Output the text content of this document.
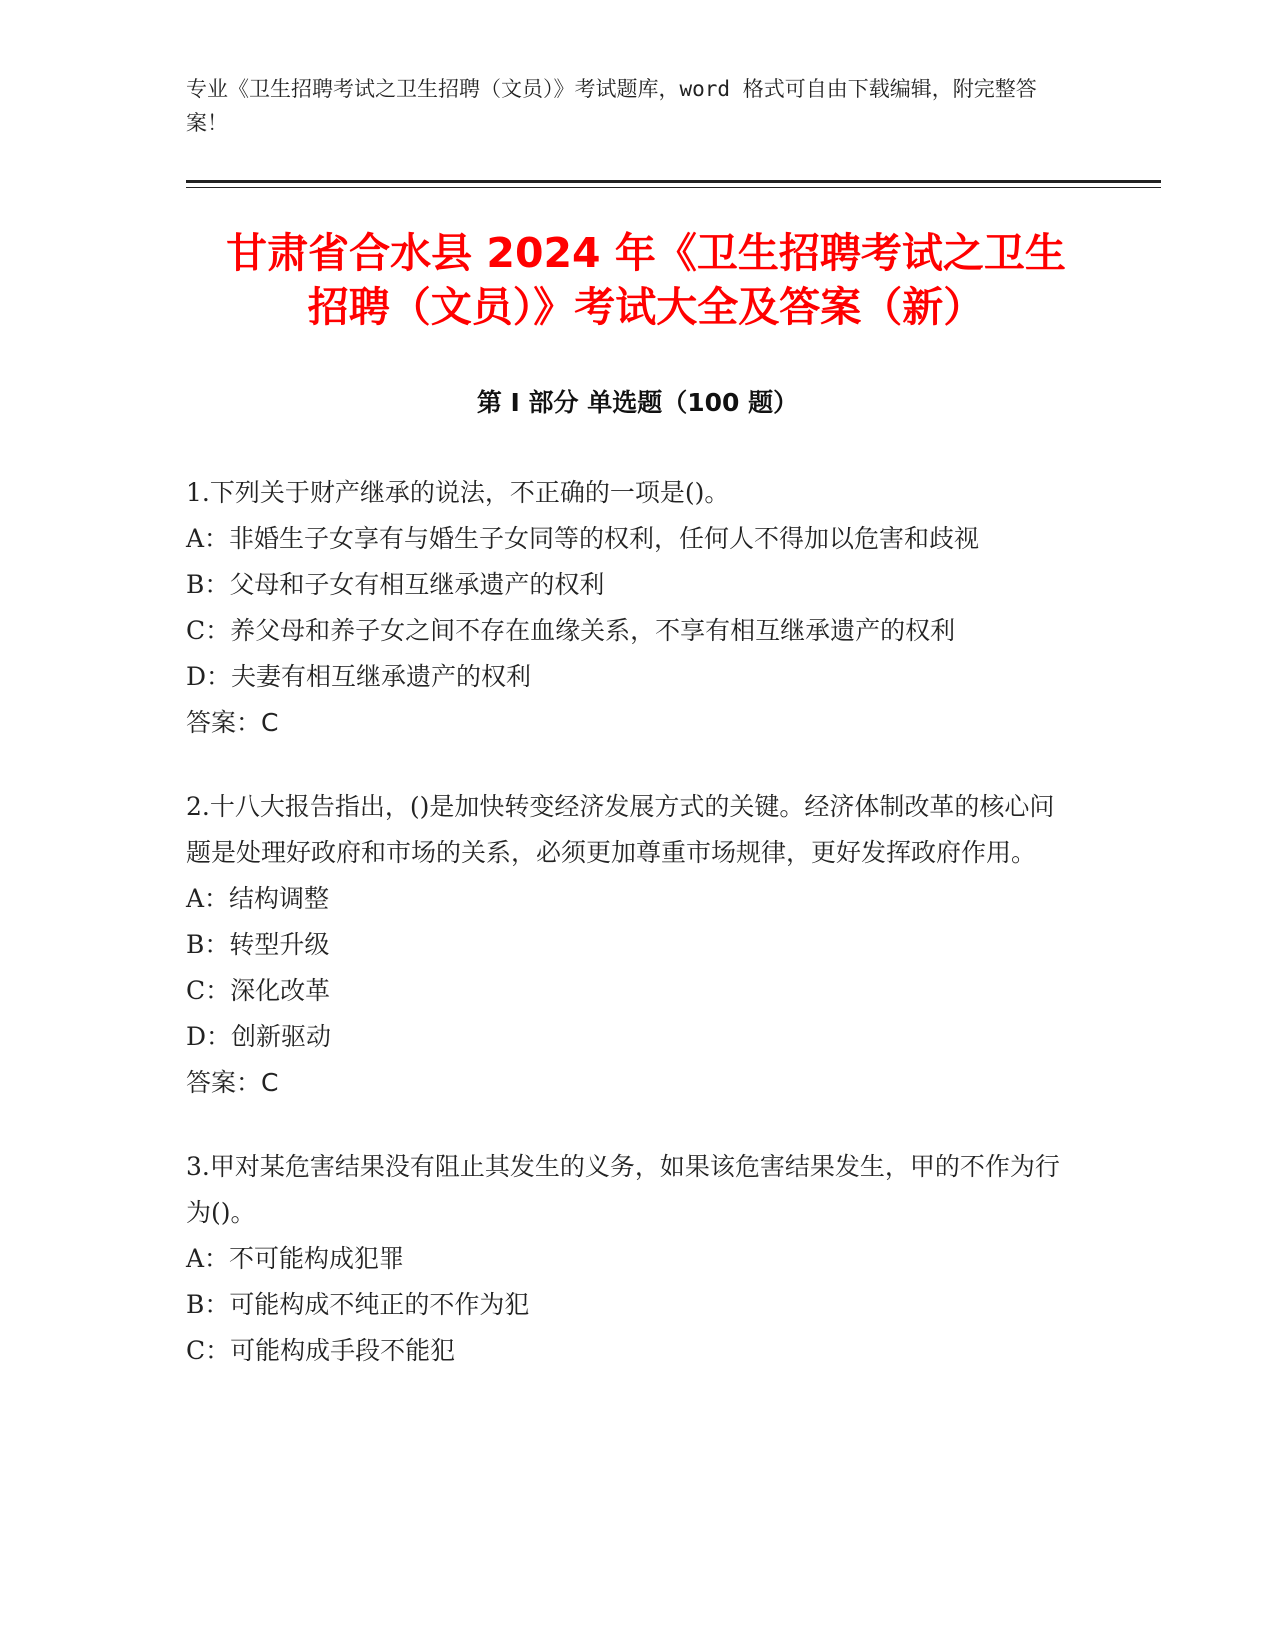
专业《卫生招聘考试之卫生招聘（文员）》考试题库，word 格式可自由下载编辑，附完整答案！
甘肃省合水县 2024 年《卫生招聘考试之卫生
招聘（文员）》考试大全及答案（新）
第 I 部分 单选题（100 题）
1.下列关于财产继承的说法，不正确的一项是()。
A：非婚生子女享有与婚生子女同等的权利，任何人不得加以危害和歧视
B：父母和子女有相互继承遗产的权利
C：养父母和养子女之间不存在血缘关系，不享有相互继承遗产的权利
D：夫妻有相互继承遗产的权利
答案：C
2.十八大报告指出，()是加快转变经济发展方式的关键。经济体制改革的核心问题是处理好政府和市场的关系，必须更加尊重市场规律，更好发挥政府作用。
A：结构调整
B：转型升级
C：深化改革
D：创新驱动
答案：C
3.甲对某危害结果没有阻止其发生的义务，如果该危害结果发生，甲的不作为行为()。
A：不可能构成犯罪
B：可能构成不纯正的不作为犯
C：可能构成手段不能犯
